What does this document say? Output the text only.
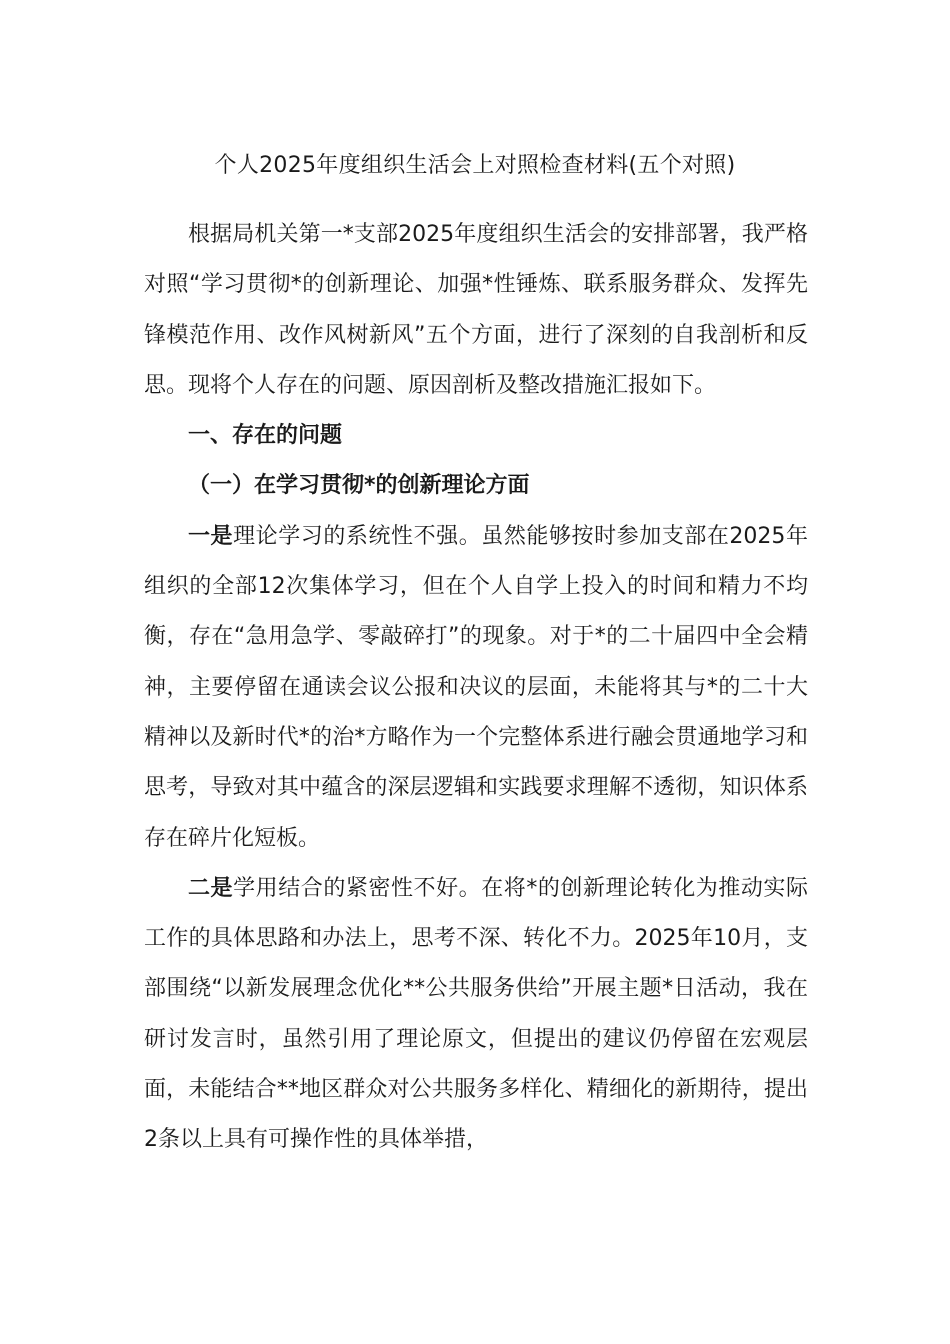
个人2025年度组织生活会上对照检查材料(五个对照)

根据局机关第一*支部2025年度组织生活会的安排部署，我严格对照“学习贯彻*的创新理论、加强*性锤炼、联系服务群众、发挥先锋模范作用、改作风树新风”五个方面，进行了深刻的自我剖析和反思。现将个人存在的问题、原因剖析及整改措施汇报如下。

一、存在的问题

（一）在学习贯彻*的创新理论方面

一是理论学习的系统性不强。虽然能够按时参加支部在2025年组织的全部12次集体学习，但在个人自学上投入的时间和精力不均衡，存在“急用急学、零敲碎打”的现象。对于*的二十届四中全会精神，主要停留在通读会议公报和决议的层面，未能将其与*的二十大精神以及新时代*的治*方略作为一个完整体系进行融会贯通地学习和思考，导致对其中蕴含的深层逻辑和实践要求理解不透彻，知识体系存在碎片化短板。

二是学用结合的紧密性不好。在将*的创新理论转化为推动实际工作的具体思路和办法上，思考不深、转化不力。2025年10月，支部围绕“以新发展理念优化**公共服务供给”开展主题*日活动，我在研讨发言时，虽然引用了理论原文，但提出的建议仍停留在宏观层面，未能结合**地区群众对公共服务多样化、精细化的新期待，提出2条以上具有可操作性的具体举措，
